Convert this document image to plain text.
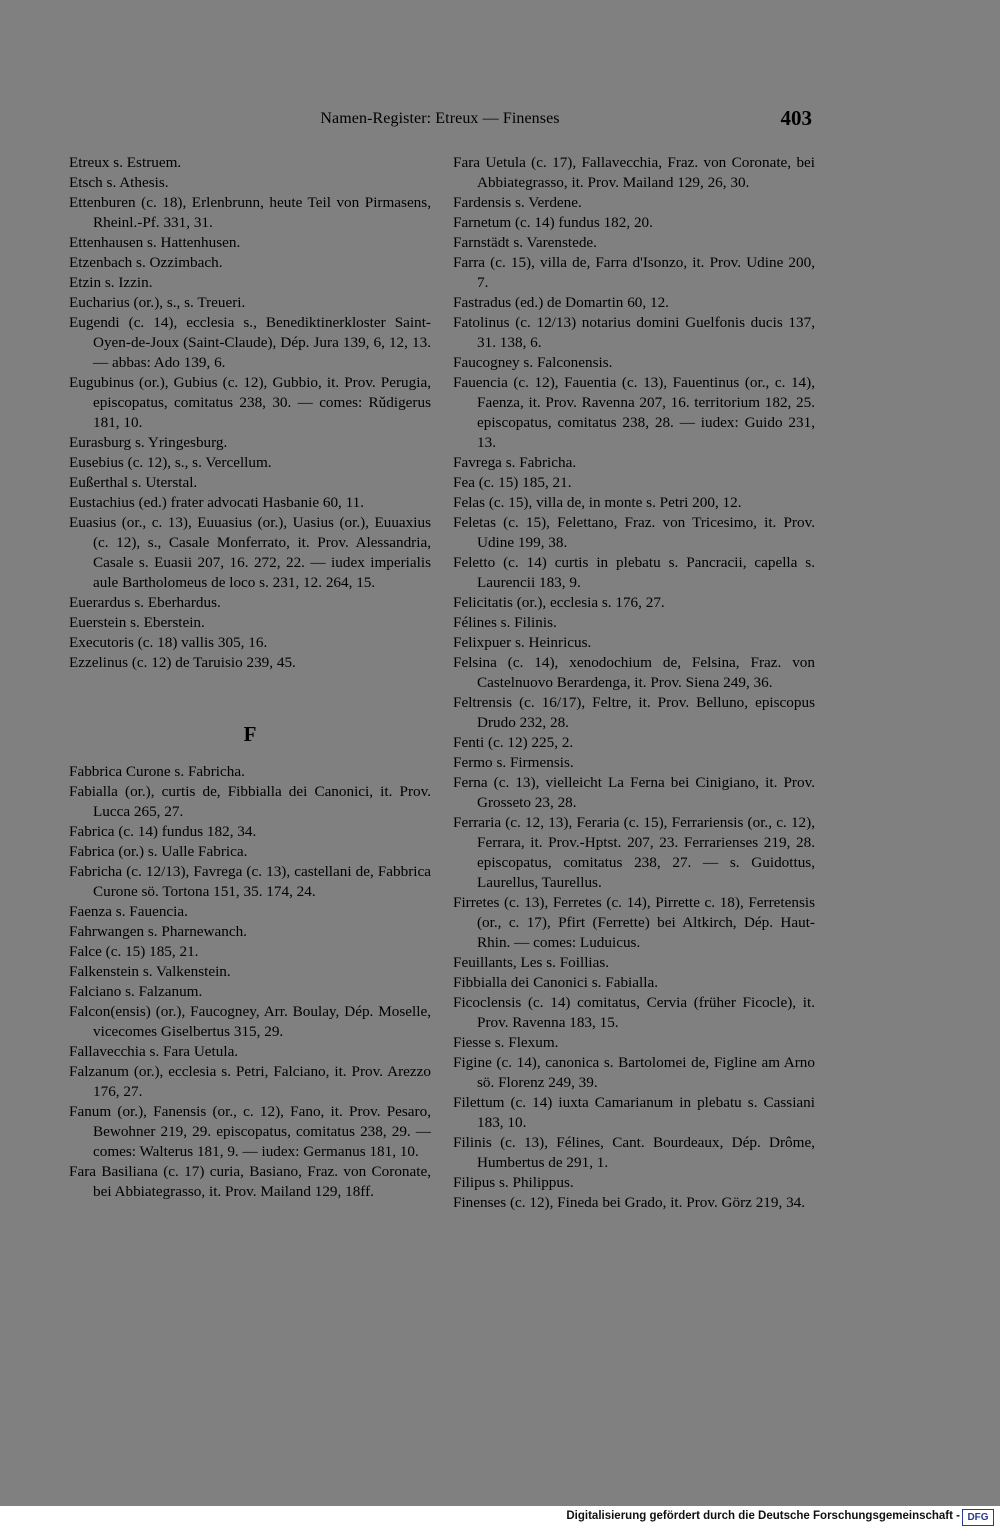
Namen-Register: Etreux — Finenses	403
Etreux s. Estruem.
Etsch s. Athesis.
Ettenburen (c. 18), Erlenbrunn, heute Teil von Pirmasens, Rheinl.-Pf. 331, 31.
Ettenhausen s. Hattenhusen.
Etzenbach s. Ozzimbach.
Etzin s. Izzin.
Eucharius (or.), s., s. Treueri.
Eugendi (c. 14), ecclesia s., Benediktinerkloster Saint-Oyen-de-Joux (Saint-Claude), Dép. Jura 139, 6, 12, 13. — abbas: Ado 139, 6.
Eugubinus (or.), Gubius (c. 12), Gubbio, it. Prov. Perugia, episcopatus, comitatus 238, 30. — comes: Rǔdigerus 181, 10.
Eurasburg s. Yringesburg.
Eusebius (c. 12), s., s. Vercellum.
Eußerthal s. Uterstal.
Eustachius (ed.) frater advocati Hasbanie 60, 11.
Euasius (or., c. 13), Euuasius (or.), Uasius (or.), Euuaxius (c. 12), s., Casale Monferrato, it. Prov. Alessandria, Casale s. Euasii 207, 16. 272, 22. — iudex imperialis aule Bartholomeus de loco s. 231, 12. 264, 15.
Euerardus s. Eberhardus.
Euerstein s. Eberstein.
Executoris (c. 18) vallis 305, 16.
Ezzelinus (c. 12) de Taruisio 239, 45.
F
Fabbrica Curone s. Fabricha.
Fabialla (or.), curtis de, Fibbialla dei Canonici, it. Prov. Lucca 265, 27.
Fabrica (c. 14) fundus 182, 34.
Fabrica (or.) s. Ualle Fabrica.
Fabricha (c. 12/13), Favrega (c. 13), castellani de, Fabbrica Curone sö. Tortona 151, 35. 174, 24.
Faenza s. Fauencia.
Fahrwangen s. Pharnewanch.
Falce (c. 15) 185, 21.
Falkenstein s. Valkenstein.
Falciano s. Falzanum.
Falcon(ensis) (or.), Faucogney, Arr. Boulay, Dép. Moselle, vicecomes Giselbertus 315, 29.
Fallavecchia s. Fara Uetula.
Falzanum (or.), ecclesia s. Petri, Falciano, it. Prov. Arezzo 176, 27.
Fanum (or.), Fanensis (or., c. 12), Fano, it. Prov. Pesaro, Bewohner 219, 29. episcopatus, comitatus 238, 29. — comes: Walterus 181, 9. — iudex: Germanus 181, 10.
Fara Basiliana (c. 17) curia, Basiano, Fraz. von Coronate, bei Abbiategrasso, it. Prov. Mailand 129, 18ff.
Fara Uetula (c. 17), Fallavecchia, Fraz. von Coronate, bei Abbiategrasso, it. Prov. Mailand 129, 26, 30.
Fardensis s. Verdene.
Farnetum (c. 14) fundus 182, 20.
Farnstädt s. Varenstede.
Farra (c. 15), villa de, Farra d'Isonzo, it. Prov. Udine 200, 7.
Fastradus (ed.) de Domartin 60, 12.
Fatolinus (c. 12/13) notarius domini Guelfonis ducis 137, 31. 138, 6.
Faucogney s. Falconensis.
Fauencia (c. 12), Fauentia (c. 13), Fauentinus (or., c. 14), Faenza, it. Prov. Ravenna 207, 16. territorium 182, 25. episcopatus, comitatus 238, 28. — iudex: Guido 231, 13.
Favrega s. Fabricha.
Fea (c. 15) 185, 21.
Felas (c. 15), villa de, in monte s. Petri 200, 12.
Feletas (c. 15), Felettano, Fraz. von Tricesimo, it. Prov. Udine 199, 38.
Feletto (c. 14) curtis in plebatu s. Pancracii, capella s. Laurencii 183, 9.
Felicitatis (or.), ecclesia s. 176, 27.
Félines s. Filinis.
Felixpuer s. Heinricus.
Felsina (c. 14), xenodochium de, Felsina, Fraz. von Castelnuovo Berardenga, it. Prov. Siena 249, 36.
Feltrensis (c. 16/17), Feltre, it. Prov. Belluno, episcopus Drudo 232, 28.
Fenti (c. 12) 225, 2.
Fermo s. Firmensis.
Ferna (c. 13), vielleicht La Ferna bei Cinigiano, it. Prov. Grosseto 23, 28.
Ferraria (c. 12, 13), Feraria (c. 15), Ferrariensis (or., c. 12), Ferrara, it. Prov.-Hptst. 207, 23. Ferrarienses 219, 28. episcopatus, comitatus 238, 27. — s. Guidottus, Laurellus, Taurellus.
Firretes (c. 13), Ferretes (c. 14), Pirrette c. 18), Ferretensis (or., c. 17), Pfirt (Ferrette) bei Altkirch, Dép. Haut-Rhin. — comes: Luduicus.
Feuillants, Les s. Foillias.
Fibbialla dei Canonici s. Fabialla.
Ficoclensis (c. 14) comitatus, Cervia (früher Ficocle), it. Prov. Ravenna 183, 15.
Fiesse s. Flexum.
Figine (c. 14), canonica s. Bartolomei de, Figline am Arno sö. Florenz 249, 39.
Filettum (c. 14) iuxta Camarianum in plebatu s. Cassiani 183, 10.
Filinis (c. 13), Félines, Cant. Bourdeaux, Dép. Drôme, Humbertus de 291, 1.
Filipus s. Philippus.
Finenses (c. 12), Fineda bei Grado, it. Prov. Görz 219, 34.
Digitalisierung gefördert durch die Deutsche Forschungsgemeinschaft - DFG
